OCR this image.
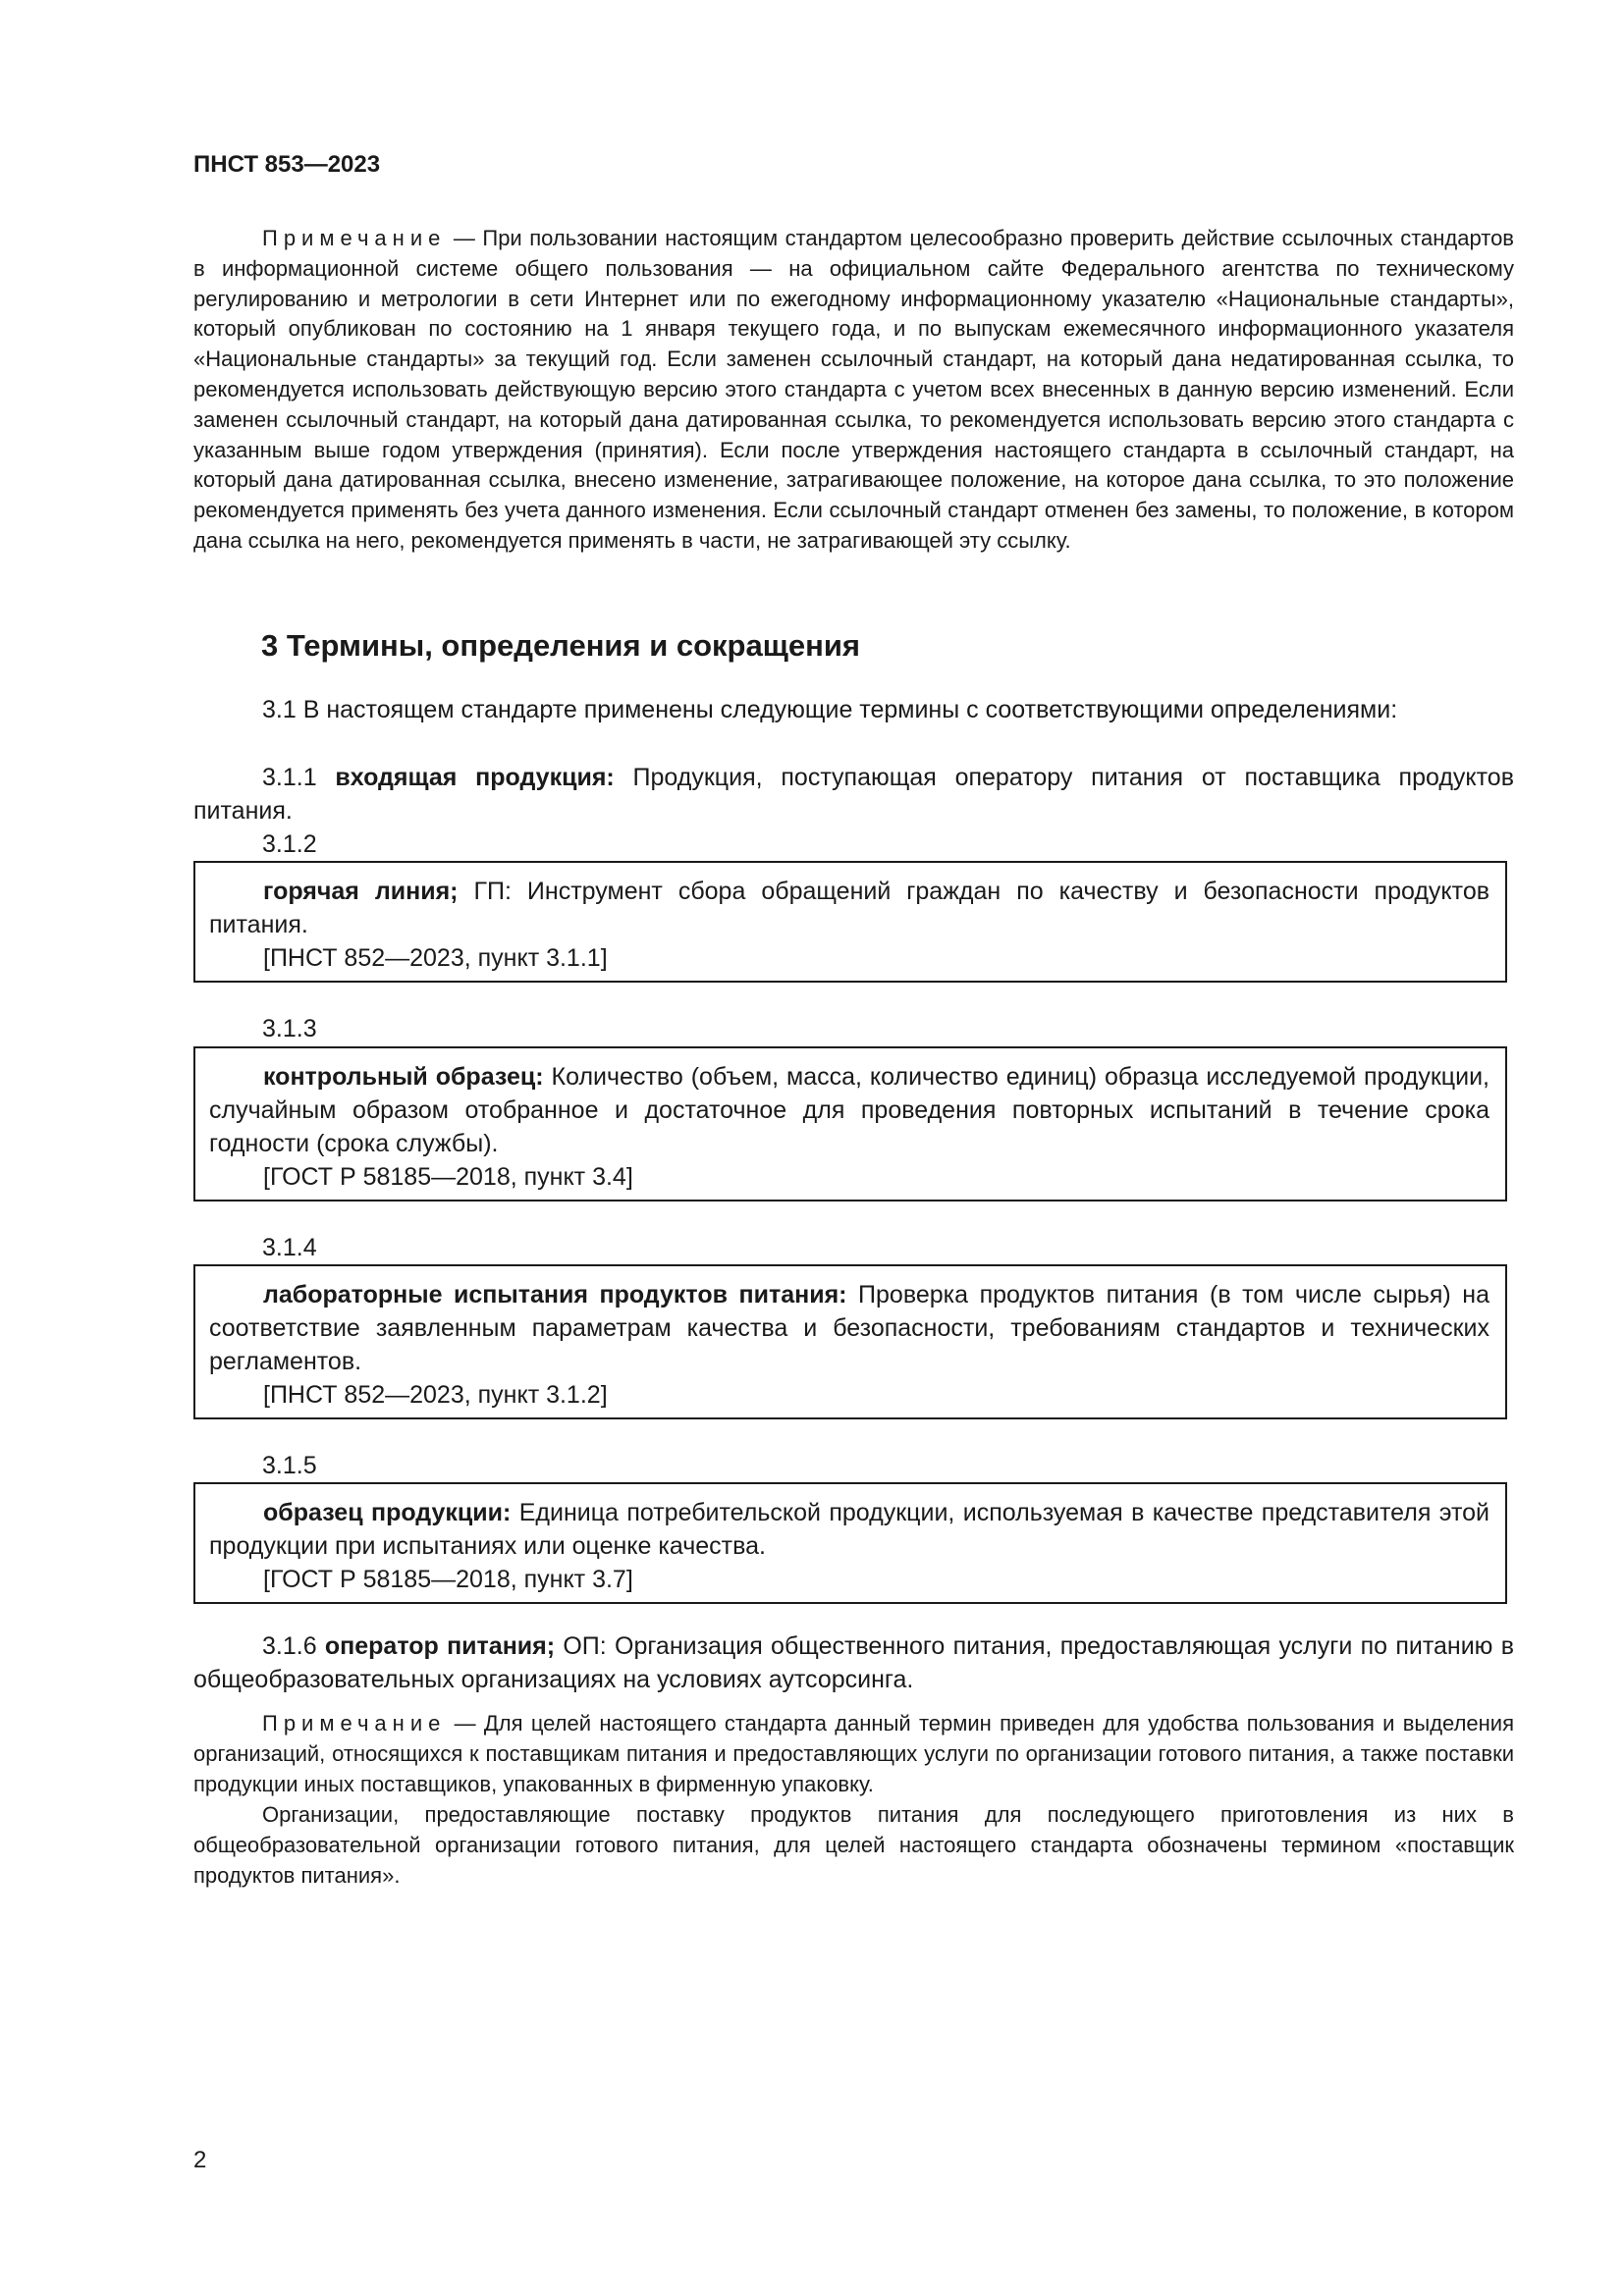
ПНСТ 853—2023
Примечание — При пользовании настоящим стандартом целесообразно проверить действие ссылочных стандартов в информационной системе общего пользования — на официальном сайте Федерального агентства по техническому регулированию и метрологии в сети Интернет или по ежегодному информационному указателю «Национальные стандарты», который опубликован по состоянию на 1 января текущего года, и по выпускам ежемесячного информационного указателя «Национальные стандарты» за текущий год. Если заменен ссылочный стандарт, на который дана недатированная ссылка, то рекомендуется использовать действующую версию этого стандарта с учетом всех внесенных в данную версию изменений. Если заменен ссылочный стандарт, на который дана датированная ссылка, то рекомендуется использовать версию этого стандарта с указанным выше годом утверждения (принятия). Если после утверждения настоящего стандарта в ссылочный стандарт, на который дана датированная ссылка, внесено изменение, затрагивающее положение, на которое дана ссылка, то это положение рекомендуется применять без учета данного изменения. Если ссылочный стандарт отменен без замены, то положение, в котором дана ссылка на него, рекомендуется применять в части, не затрагивающей эту ссылку.
3 Термины, определения и сокращения
3.1 В настоящем стандарте применены следующие термины с соответствующими определениями:
3.1.1 входящая продукция: Продукция, поступающая оператору питания от поставщика продуктов питания.
3.1.2
горячая линия; ГП: Инструмент сбора обращений граждан по качеству и безопасности продуктов питания.
[ПНСТ 852—2023, пункт 3.1.1]
3.1.3
контрольный образец: Количество (объем, масса, количество единиц) образца исследуемой продукции, случайным образом отобранное и достаточное для проведения повторных испытаний в течение срока годности (срока службы).
[ГОСТ Р 58185—2018, пункт 3.4]
3.1.4
лабораторные испытания продуктов питания: Проверка продуктов питания (в том числе сырья) на соответствие заявленным параметрам качества и безопасности, требованиям стандартов и технических регламентов.
[ПНСТ 852—2023, пункт 3.1.2]
3.1.5
образец продукции: Единица потребительской продукции, используемая в качестве представителя этой продукции при испытаниях или оценке качества.
[ГОСТ Р 58185—2018, пункт 3.7]
3.1.6 оператор питания; ОП: Организация общественного питания, предоставляющая услуги по питанию в общеобразовательных организациях на условиях аутсорсинга.
Примечание — Для целей настоящего стандарта данный термин приведен для удобства пользования и выделения организаций, относящихся к поставщикам питания и предоставляющих услуги по организации готового питания, а также поставки продукции иных поставщиков, упакованных в фирменную упаковку.
Организации, предоставляющие поставку продуктов питания для последующего приготовления из них в общеобразовательной организации готового питания, для целей настоящего стандарта обозначены термином «поставщик продуктов питания».
2
